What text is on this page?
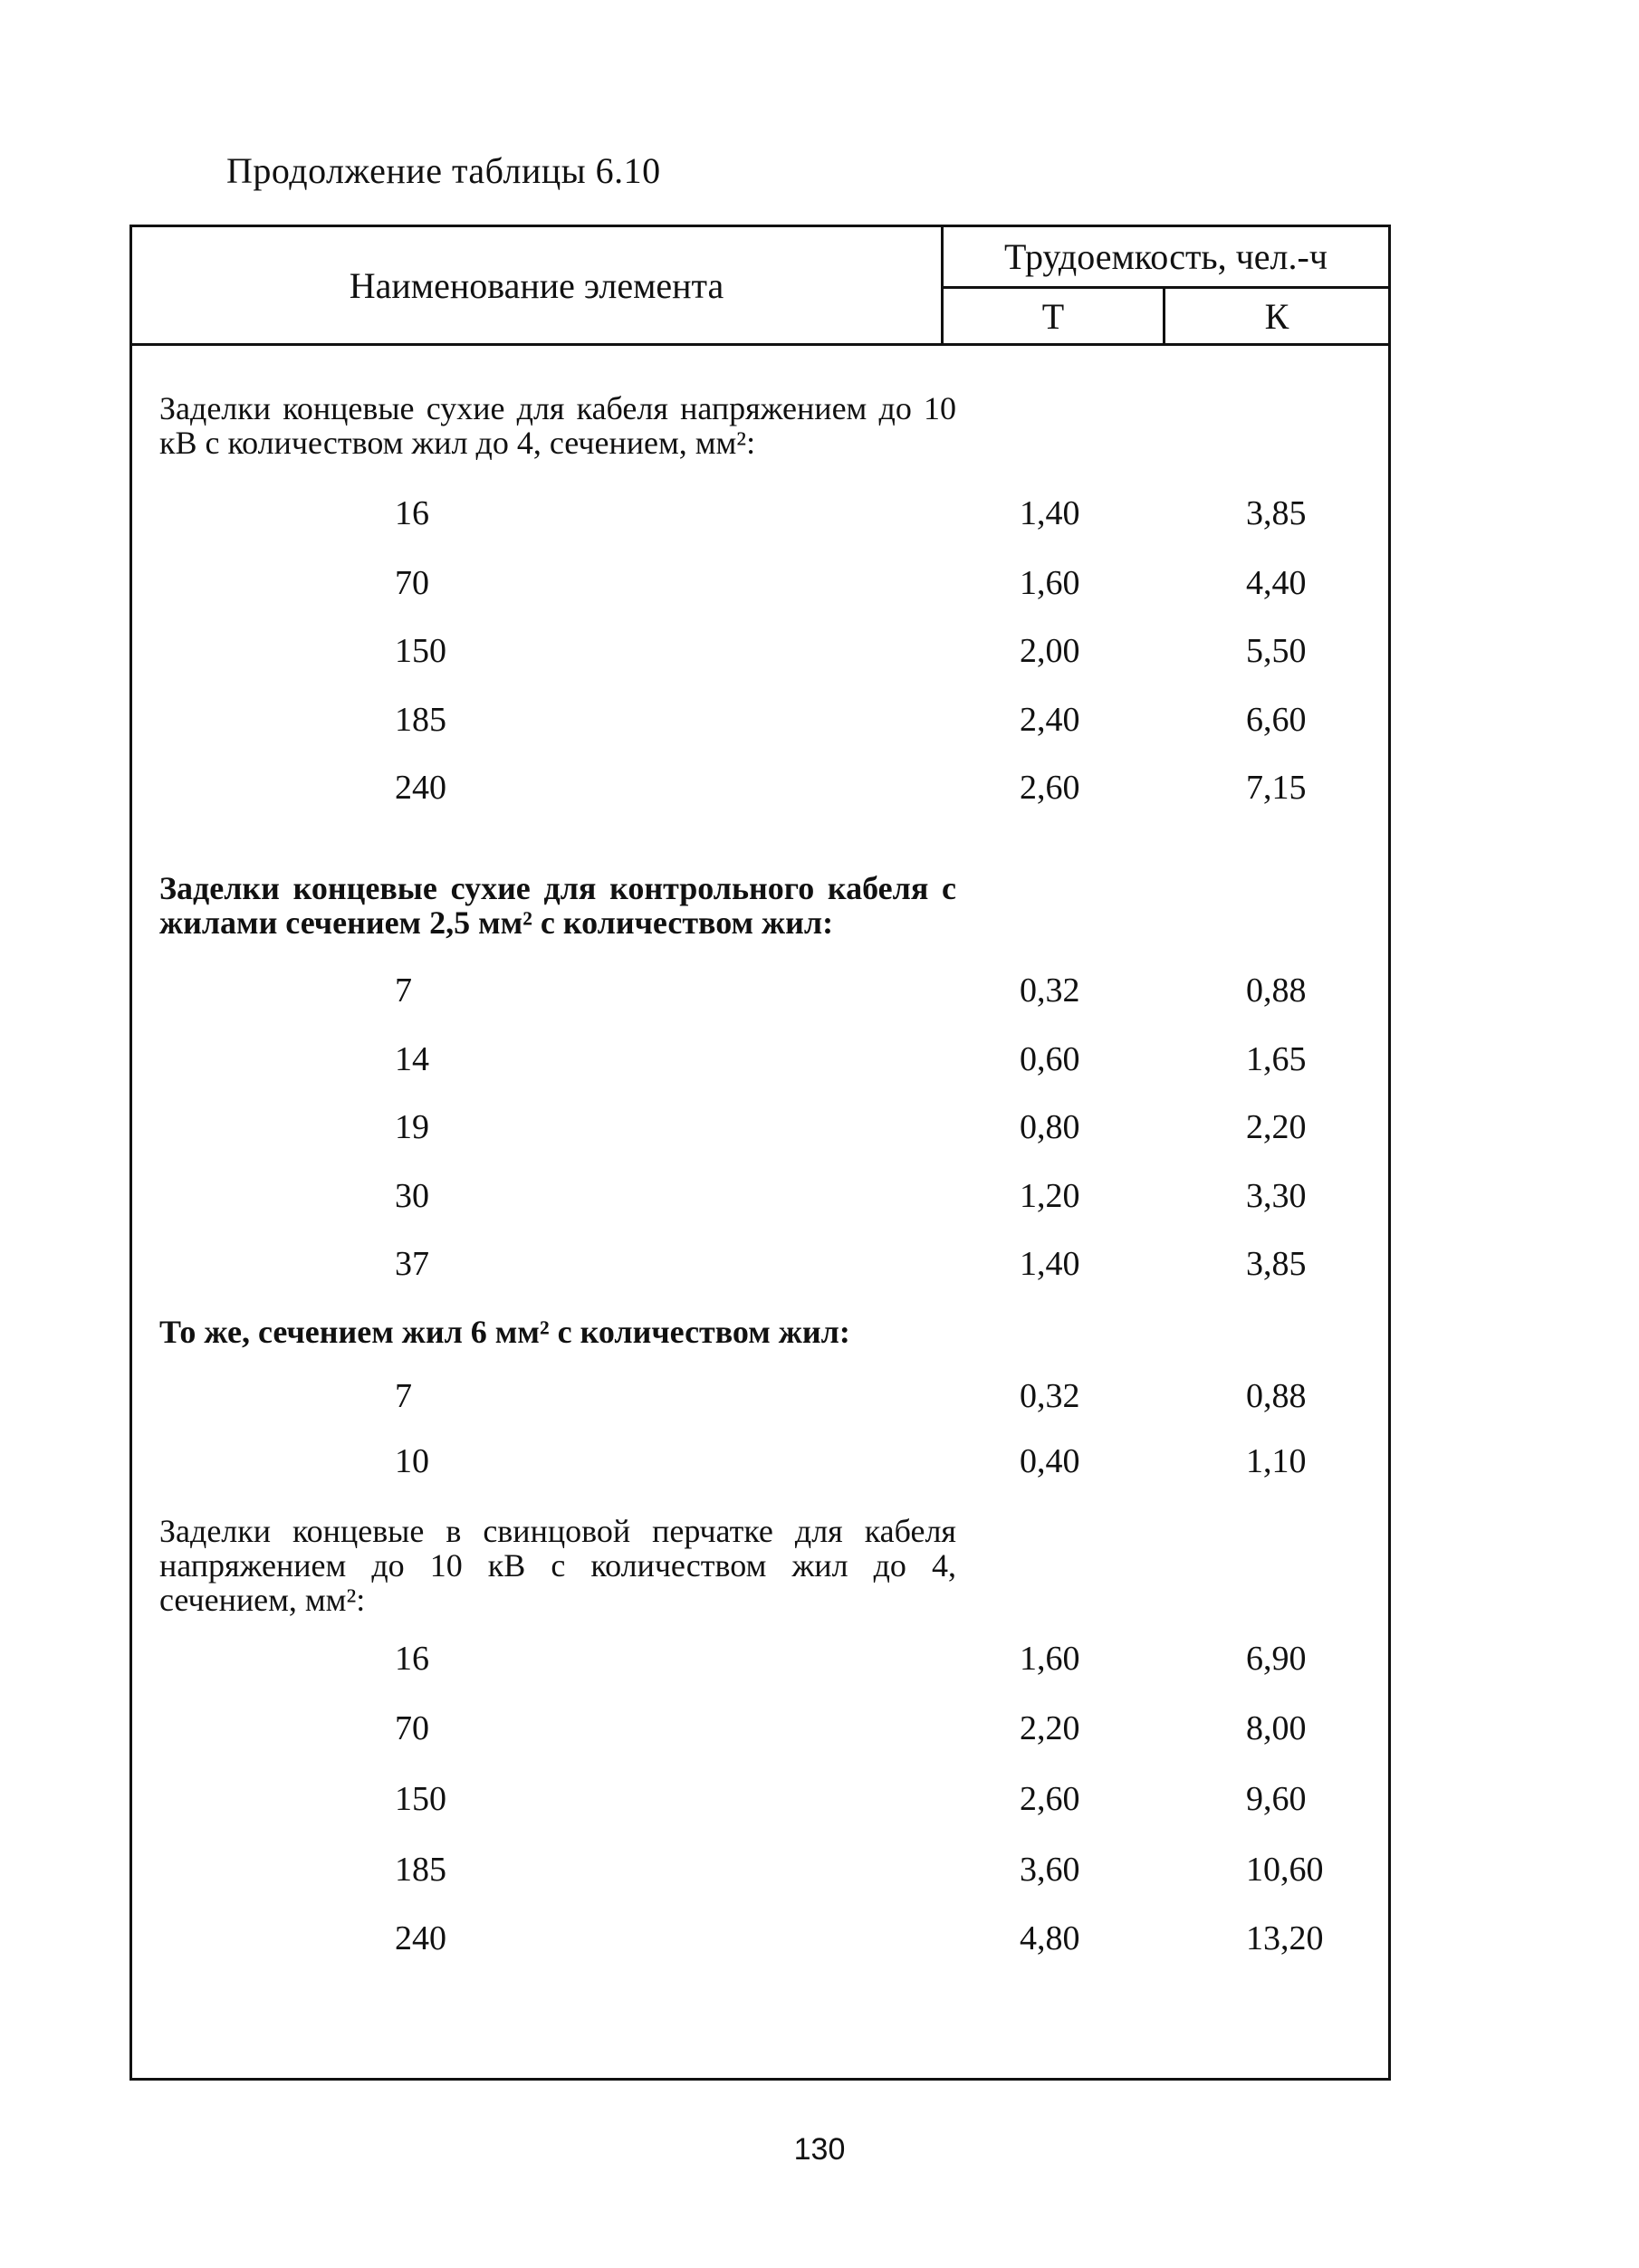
Продолжение таблицы 6.10
Наименование элемента
Трудоемкость, чел.-ч
Т	К
Заделки концевые сухие для кабеля напряжением до 10 кВ с количеством жил до 4, сечением, мм²:
16	1,40	3,85
70	1,60	4,40
150	2,00	5,50
185	2,40	6,60
240	2,60	7,15
Заделки концевые сухие для контрольного кабеля с жилами сечением 2,5 мм² с количеством жил:
7	0,32	0,88
14	0,60	1,65
19	0,80	2,20
30	1,20	3,30
37	1,40	3,85
То же, сечением жил 6 мм² с количеством жил:
7	0,32	0,88
10	0,40	1,10
Заделки концевые в свинцовой перчатке для кабеля напряжением до 10 кВ с количеством жил до 4, сечением, мм²:
16	1,60	6,90
70	2,20	8,00
150	2,60	9,60
185	3,60	10,60
240	4,80	13,20
130
